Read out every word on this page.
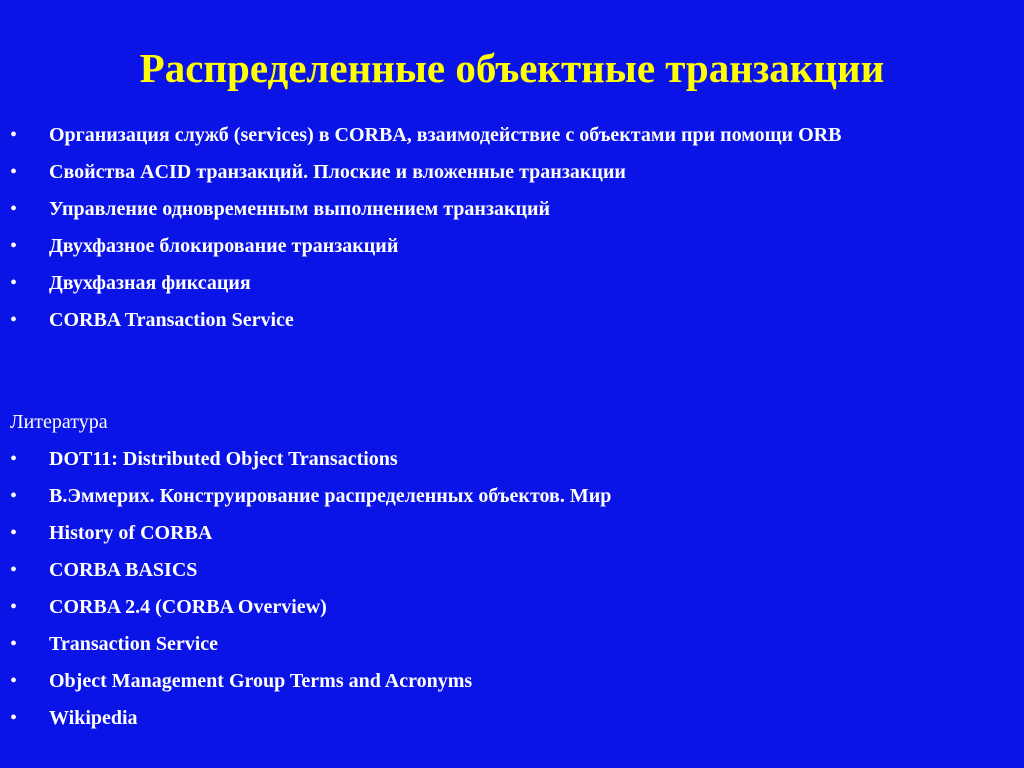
Распределенные объектные транзакции
• Организация служб (services) в CORBA, взаимодействие с объектами при помощи ORB
• Свойства ACID транзакций. Плоские и вложенные транзакции
• Управление одновременным выполнением транзакций
• Двухфазное блокирование транзакций
• Двухфазная фиксация
• CORBA Transaction Service
Литература
• DOT11: Distributed Object Transactions
• В.Эммерих. Конструирование распределенных объектов. Мир
• History of CORBA
• CORBA BASICS
• CORBA 2.4 (CORBA Overview)
• Transaction Service
• Object Management Group Terms and Acronyms
• Wikipedia
